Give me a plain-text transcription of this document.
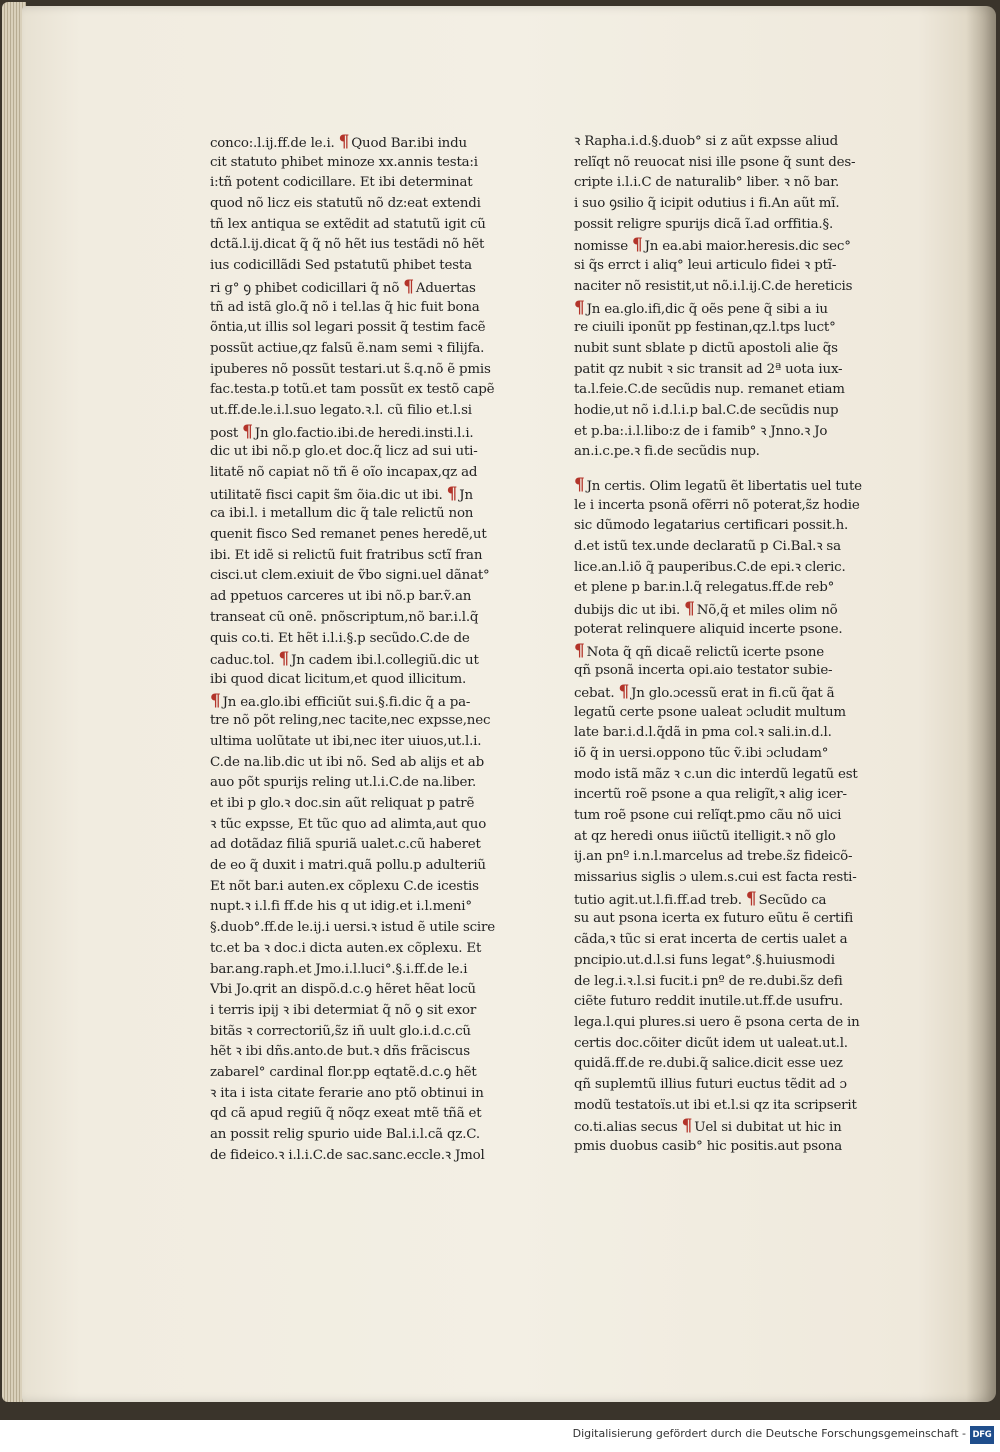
conco:.l.ij.ff.de le.i. ¶ Quod Bar.ibi indu
cit statuto phibet minoze xx.annis testa:i
i:tñ potent codicillare. Et ibi determinat
quod nõ licz eis statutũ nõ dz:eat extendi
tñ lex antiqua se extẽdit ad statutũ igit cũ
dctã.l.ij.dicat q̃ q̃ nõ hẽt ius testãdi nõ hẽt
ius codicillãdi Sed pstatutũ phibet testa
ri g° ꝯ phibet codicillari q̃ nõ ¶ Aduertas
tñ ad istã glo.q̃ nõ i tel.las q̃ hic fuit bona
õntia,ut illis sol legari possit q̃ testim facẽ
possũt actiue,qz falsũ ẽ.nam semi ꝛ filijfa.
ipuberes nõ possũt testari.ut s̃.q.nõ ẽ pmis
fac.testa.p totũ.et tam possũt ex testõ capẽ
ut.ff.de.le.i.l.suo legato.ꝛ.l. cũ filio et.l.si
post ¶ Jn glo.factio.ibi.de heredi.insti.l.i.
dic ut ibi nõ.p glo.et doc.q̃ licz ad sui uti-
litatẽ nõ capiat nõ tñ ẽ oĩo incapax,qz ad
utilitatẽ fisci capit s̃m õia.dic ut ibi. ¶ Jn
ca ibi.l. i metallum dic q̃ tale relictũ non
quenit fisco Sed remanet penes heredẽ,ut
ibi. Et idẽ si relictũ fuit fratribus sctĩ fran
cisci.ut clem.exiuit de ṽbo signi.uel dãnat°
ad ppetuos carceres ut ibi nõ.p bar.ṽ.an
transeat cũ onẽ. pnõscriptum,nõ bar.i.l.q̃
quis co.ti. Et hẽt i.l.i.§.p secũdo.C.de de
caduc.tol. ¶ Jn cadem ibi.l.collegiũ.dic ut
ibi quod dicat licitum,et quod illicitum.
¶ Jn ea.glo.ibi efficiũt sui.§.fi.dic q̃ a pa-
tre nõ põt reling,nec tacite,nec expsse,nec
ultima uolũtate ut ibi,nec iter uiuos,ut.l.i.
C.de na.lib.dic ut ibi nõ. Sed ab alijs et ab
auo põt spurijs reling ut.l.i.C.de na.liber.
et ibi p glo.ꝛ doc.sin aũt reliquat p patrẽ
ꝛ tũc expsse, Et tũc quo ad alimta,aut quo
ad dotãdaz filiã spuriã ualet.c.cũ haberet
de eo q̃ duxit i matri.quã pollu.p adulteriũ
Et nõt bar.i auten.ex cõplexu C.de icestis
nupt.ꝛ i.l.fi ff.de his q ut idig.et i.l.meni°
§.duob°.ff.de le.ij.i uersi.ꝛ istud ẽ utile scire
tc.et ba ꝛ doc.i dicta auten.ex cõplexu. Et
bar.ang.raph.et Jmo.i.l.luci°.§.i.ff.de le.i
Vbi Jo.qrit an dispõ.d.c.ꝯ hẽret hẽat locũ
i terris ipij ꝛ ibi determiat q̃ nõ ꝯ sit exor
bitãs ꝛ correctoriũ,s̃z iñ uult glo.i.d.c.cũ
hẽt ꝛ ibi dñs.anto.de but.ꝛ dñs frãciscus
zabarel° cardinal flor.pp eqtatẽ.d.c.ꝯ hẽt
ꝛ ita i ista citate ferarie ano ptõ obtinui in
qd cã apud regiũ q̃ nõqz exeat mtẽ tñã et
an possit relig spurio uide Bal.i.l.cã qz.C.
de fideico.ꝛ i.l.i.C.de sac.sanc.eccle.ꝛ Jmol
ꝛ Rapha.i.d.§.duob° si z aũt expsse aliud
relĩqt nõ reuocat nisi ille psone q̃ sunt des-
cripte i.l.i.C de naturalib° liber. ꝛ nõ bar.
i suo ꝯsilio q̃ icipit odutius i fi.An aũt mĩ.
possit religre spurijs dicã ĩ.ad orffitia.§.
nomisse ¶ Jn ea.abi maior.heresis.dic sec°
si q̃s errct i aliq° leui articulo fidei ꝛ ptĩ-
naciter nõ resistit,ut nõ.i.l.ij.C.de hereticis
¶ Jn ea.glo.ifi,dic q̃ oẽs pene q̃ sibi a iu
re ciuili iponũt pp festinan,qz.l.tps luct°
nubit sunt sblate p dictũ apostoli alie q̃s
patit qz nubit ꝛ sic transit ad 2ª uota iux-
ta.l.feie.C.de secũdis nup. remanet etiam
hodie,ut nõ i.d.l.i.p bal.C.de secũdis nup
et p.ba:.i.l.libo:z de i famib° ꝛ Jnno.ꝛ Jo
an.i.c.pe.ꝛ fi.de secũdis nup.
¶ Jn certis. Olim legatũ ẽt libertatis uel tute
le i incerta psonã ofẽrri nõ poterat,s̃z hodie
sic dũmodo legatarius certificari possit.h.
d.et istũ tex.unde declaratũ p Ci.Bal.ꝛ sa
lice.an.l.iõ q̃ pauperibus.C.de epi.ꝛ cleric.
et plene p bar.in.l.q̃ relegatus.ff.de reb°
dubijs dic ut ibi. ¶ Nõ,q̃ et miles olim nõ
poterat relinquere aliquid incerte psone.
¶ Nota q̃ qñ dicaẽ relictũ icerte psone
qñ psonã incerta opi.aio testator subie-
cebat. ¶ Jn glo.ɔcessũ erat in fi.cũ q̃at ã
legatũ certe psone ualeat ɔcludit multum
late bar.i.d.l.q̃dã in pma col.ꝛ sali.in.d.l.
iõ q̃ in uersi.oppono tũc ṽ.ibi ɔcludam°
modo istã mãz ꝛ c.un dic interdũ legatũ est
incertũ roẽ psone a qua religĩt,ꝛ alig icer-
tum roẽ psone cui relĩqt.pmo cãu nõ uici
at qz heredi onus iiũctũ itelligit.ꝛ nõ glo
ij.an pnº i.n.l.marcelus ad trebe.s̃z fideicõ-
missarius siglis ɔ ulem.s.cui est facta resti-
tutio agit.ut.l.fi.ff.ad treb. ¶ Secũdo ca
su aut psona icerta ex futuro eũtu ẽ certifi
cãda,ꝛ tũc si erat incerta de certis ualet a
pncipio.ut.d.l.si funs legat°.§.huiusmodi
de leg.i.ꝛ.l.si fucit.i pnº de re.dubi.s̃z defi
ciẽte futuro reddit inutile.ut.ff.de usufru.
lega.l.qui plures.si uero ẽ psona certa de in
certis doc.cõiter dicũt idem ut ualeat.ut.l.
quidã.ff.de re.dubi.q̃ salice.dicit esse uez
qñ suplemtũ illius futuri euctus tẽdit ad ɔ
modũ testatoïs.ut ibi et.l.si qz ita scripserit
co.ti.alias secus ¶ Uel si dubitat ut hic in
pmis duobus casib° hic positis.aut psona
Digitalisierung gefördert durch die Deutsche Forschungsgemeinschaft - DFG
